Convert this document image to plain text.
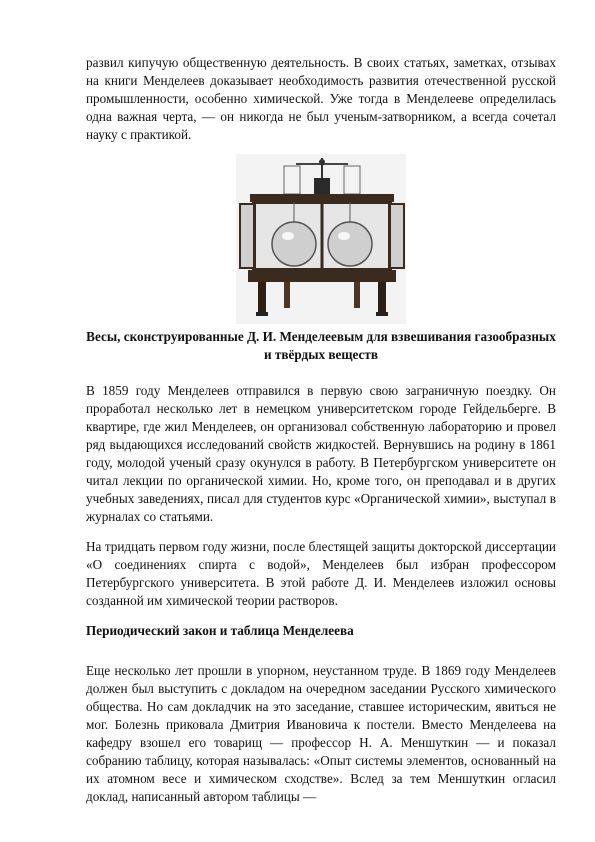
развил кипучую общественную деятельность. В своих статьях, заметках, отзывах на книги Менделеев доказывает необходимость развития отечественной русской промышленности, особенно химической. Уже тогда в Менделееве определилась одна важная черта, — он никогда не был ученым-затворником, а всегда сочетал науку с практикой.

Весы, сконструированные Д. И. Менделеевым для взвешивания газообразных и твёрдых веществ

В 1859 году Менделеев отправился в первую свою заграничную поездку. Он проработал несколько лет в немецком университетском городе Гейдельберге. В квартире, где жил Менделеев, он организовал собственную лабораторию и провел ряд выдающихся исследований свойств жидкостей. Вернувшись на родину в 1861 году, молодой ученый сразу окунулся в работу. В Петербургском университете он читал лекции по органической химии. Но, кроме того, он преподавал и в других учебных заведениях, писал для студентов курс «Органической химии», выступал в журналах со статьями.

На тридцать первом году жизни, после блестящей защиты докторской диссертации «О соединениях спирта с водой», Менделеев был избран профессором Петербургского университета. В этой работе Д. И. Менделеев изложил основы созданной им химической теории растворов.

Периодический закон и таблица Менделеева

Еще несколько лет прошли в упорном, неустанном труде. В 1869 году Менделеев должен был выступить с докладом на очередном заседании Русского химического общества. Но сам докладчик на это заседание, ставшее историческим, явиться не мог. Болезнь приковала Дмитрия Ивановича к постели. Вместо Менделеева на кафедру взошел его товарищ — профессор Н. А. Меншуткин — и показал собранию таблицу, которая называлась: «Опыт системы элементов, основанный на их атомном весе и химическом сходстве». Вслед за тем Меншуткин огласил доклад, написанный автором таблицы —
